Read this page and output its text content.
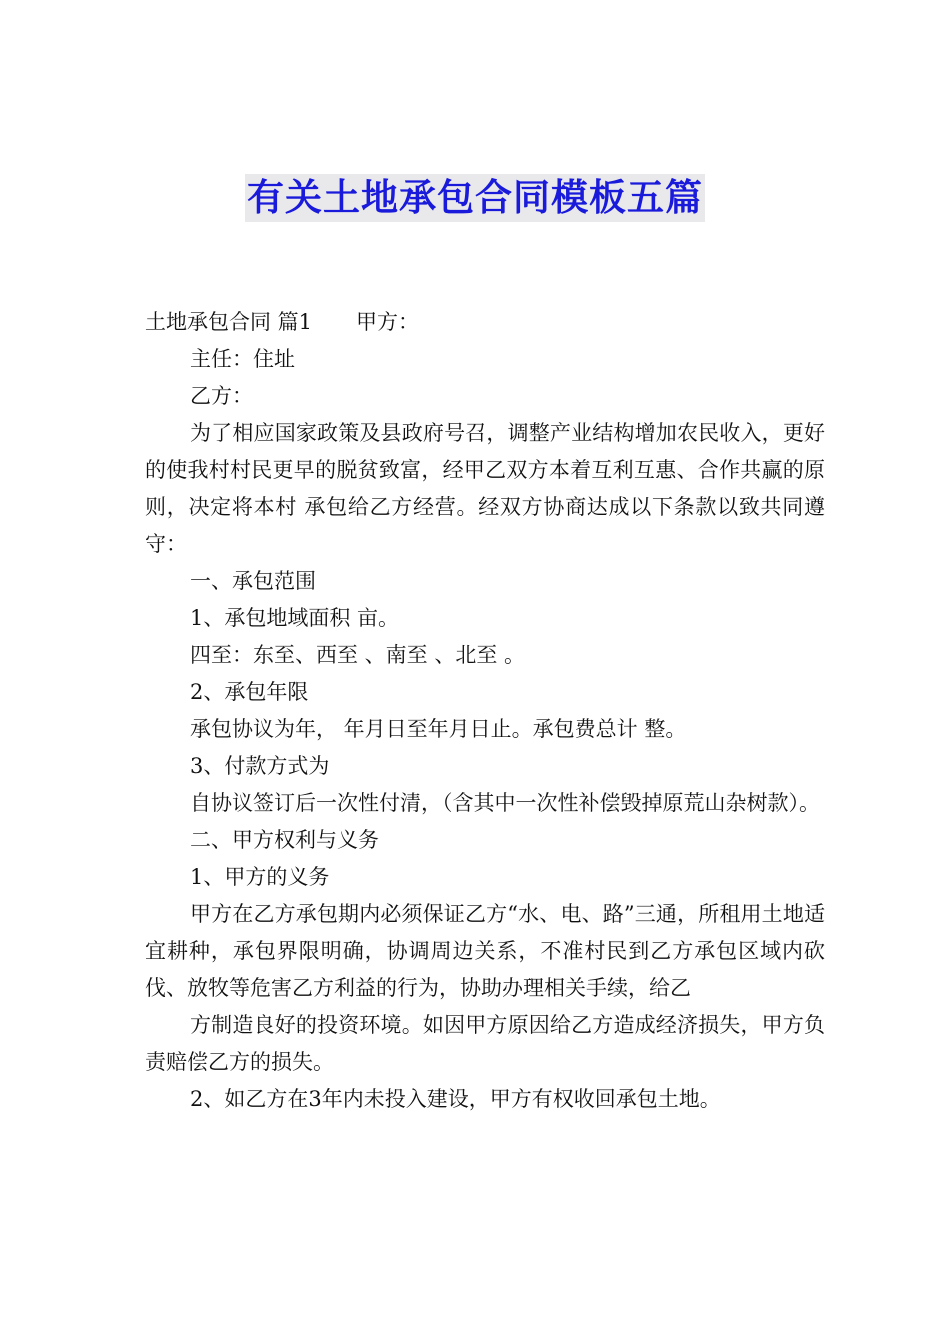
有关土地承包合同模板五篇

土地承包合同 篇1 甲方：

主任：住址

乙方：

为了相应国家政策及县政府号召，调整产业结构增加农民收入，更好的使我村村民更早的脱贫致富，经甲乙双方本着互利互惠、合作共赢的原则，决定将本村 承包给乙方经营。经双方协商达成以下条款以致共同遵守：

一、承包范围

1、承包地域面积 亩。

四至：东至、西至 、南至 、北至 。

2、承包年限

承包协议为年， 年月日至年月日止。承包费总计 整。

3、付款方式为

自协议签订后一次性付清，（含其中一次性补偿毁掉原荒山杂树款）。

二、甲方权利与义务

1、甲方的义务

甲方在乙方承包期内必须保证乙方“水、电、路”三通，所租用土地适宜耕种，承包界限明确，协调周边关系，不准村民到乙方承包区域内砍伐、放牧等危害乙方利益的行为，协助办理相关手续，给乙

方制造良好的投资环境。如因甲方原因给乙方造成经济损失，甲方负责赔偿乙方的损失。

2、如乙方在3年内未投入建设，甲方有权收回承包土地。
